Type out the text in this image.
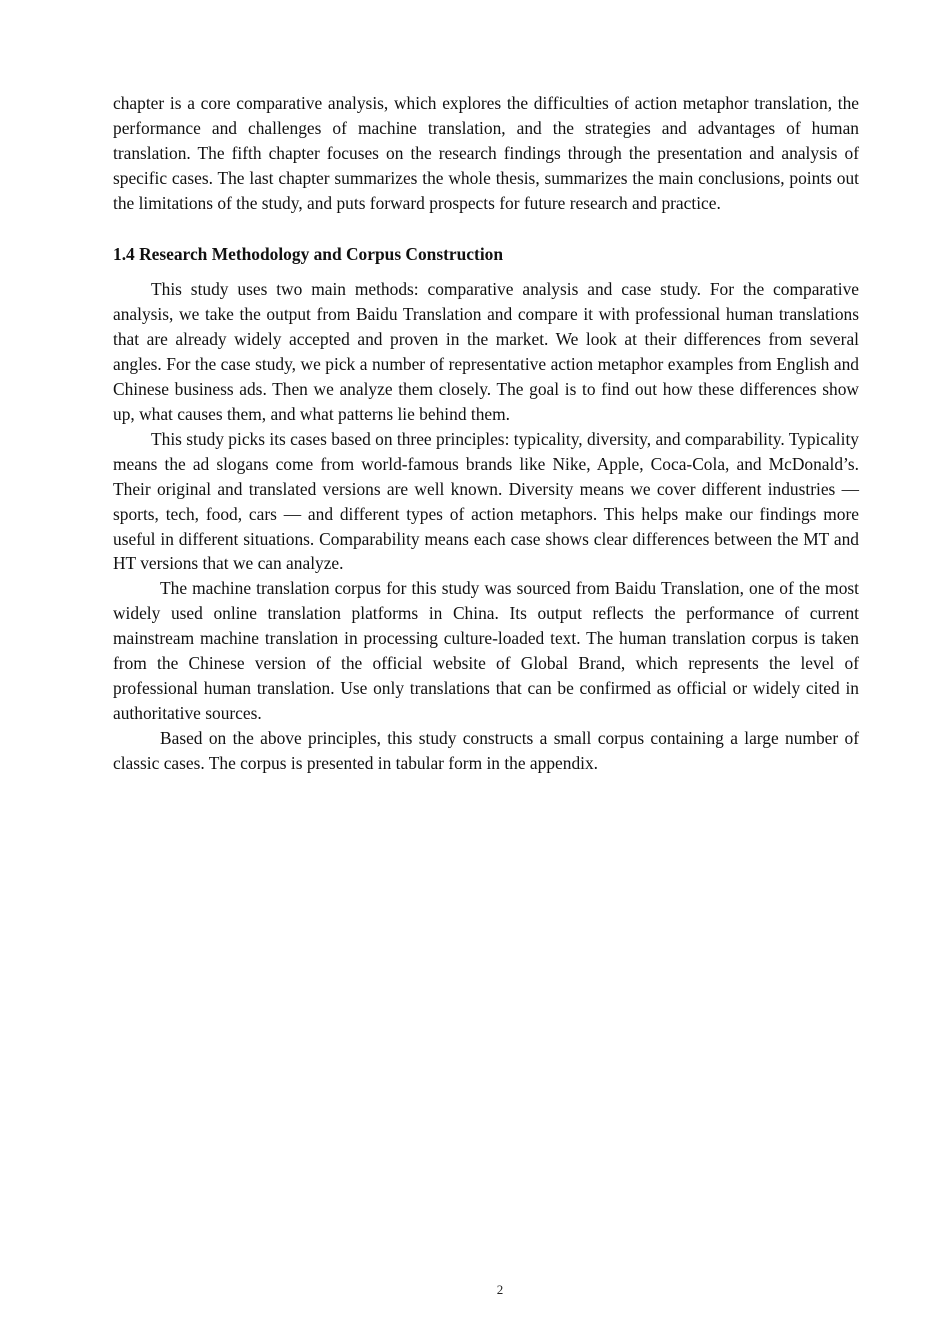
chapter is a core comparative analysis, which explores the difficulties of action metaphor translation, the performance and challenges of machine translation, and the strategies and advantages of human translation. The fifth chapter focuses on the research findings through the presentation and analysis of specific cases. The last chapter summarizes the whole thesis, summarizes the main conclusions, points out the limitations of the study, and puts forward prospects for future research and practice.

1.4 Research Methodology and Corpus Construction

This study uses two main methods: comparative analysis and case study. For the comparative analysis, we take the output from Baidu Translation and compare it with professional human translations that are already widely accepted and proven in the market. We look at their differences from several angles. For the case study, we pick a number of representative action metaphor examples from English and Chinese business ads. Then we analyze them closely. The goal is to find out how these differences show up, what causes them, and what patterns lie behind them.

This study picks its cases based on three principles: typicality, diversity, and comparability. Typicality means the ad slogans come from world-famous brands like Nike, Apple, Coca-Cola, and McDonald’s. Their original and translated versions are well known. Diversity means we cover different industries — sports, tech, food, cars — and different types of action metaphors. This helps make our findings more useful in different situations. Comparability means each case shows clear differences between the MT and HT versions that we can analyze.

The machine translation corpus for this study was sourced from Baidu Translation, one of the most widely used online translation platforms in China. Its output reflects the performance of current mainstream machine translation in processing culture-loaded text. The human translation corpus is taken from the Chinese version of the official website of Global Brand, which represents the level of professional human translation. Use only translations that can be confirmed as official or widely cited in authoritative sources.

Based on the above principles, this study constructs a small corpus containing a large number of classic cases. The corpus is presented in tabular form in the appendix.

2
